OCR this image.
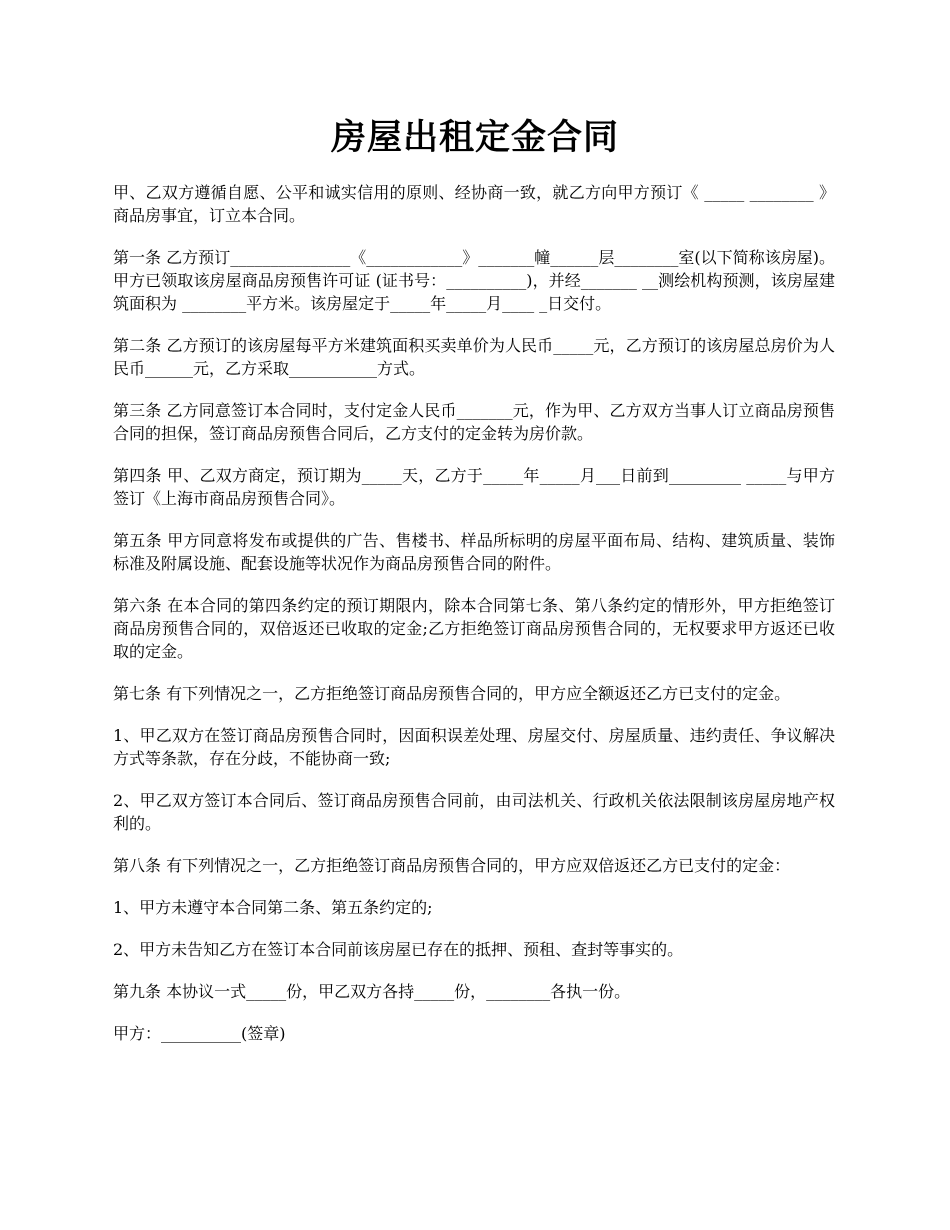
房屋出租定金合同

甲、乙双方遵循自愿、公平和诚实信用的原则、经协商一致，就乙方向甲方预订《 _____ ________ 》商品房事宜，订立本合同。

第一条 乙方预订_______________《____________》_______幢______层________室(以下简称该房屋)。甲方已领取该房屋商品房预售许可证 (证书号：__________)，并经_______ __测绘机构预测，该房屋建筑面积为 ________平方米。该房屋定于_____年_____月____ _日交付。

第二条 乙方预订的该房屋每平方米建筑面积买卖单价为人民币_____元，乙方预订的该房屋总房价为人民币______元，乙方采取___________方式。

第三条 乙方同意签订本合同时，支付定金人民币_______元，作为甲、乙方双方当事人订立商品房预售合同的担保，签订商品房预售合同后，乙方支付的定金转为房价款。

第四条 甲、乙双方商定，预订期为_____天，乙方于_____年_____月___日前到_________ _____与甲方签订《上海市商品房预售合同》。

第五条 甲方同意将发布或提供的广告、售楼书、样品所标明的房屋平面布局、结构、建筑质量、装饰标准及附属设施、配套设施等状况作为商品房预售合同的附件。

第六条 在本合同的第四条约定的预订期限内，除本合同第七条、第八条约定的情形外，甲方拒绝签订商品房预售合同的，双倍返还已收取的定金;乙方拒绝签订商品房预售合同的，无权要求甲方返还已收取的定金。

第七条 有下列情况之一，乙方拒绝签订商品房预售合同的，甲方应全额返还乙方已支付的定金。

1、甲乙双方在签订商品房预售合同时，因面积误差处理、房屋交付、房屋质量、违约责任、争议解决方式等条款，存在分歧，不能协商一致;

2、甲乙双方签订本合同后、签订商品房预售合同前，由司法机关、行政机关依法限制该房屋房地产权利的。

第八条 有下列情况之一，乙方拒绝签订商品房预售合同的，甲方应双倍返还乙方已支付的定金：

1、甲方未遵守本合同第二条、第五条约定的;

2、甲方未告知乙方在签订本合同前该房屋已存在的抵押、预租、查封等事实的。

第九条 本协议一式_____份，甲乙双方各持_____份，________各执一份。

甲方：__________(签章)
